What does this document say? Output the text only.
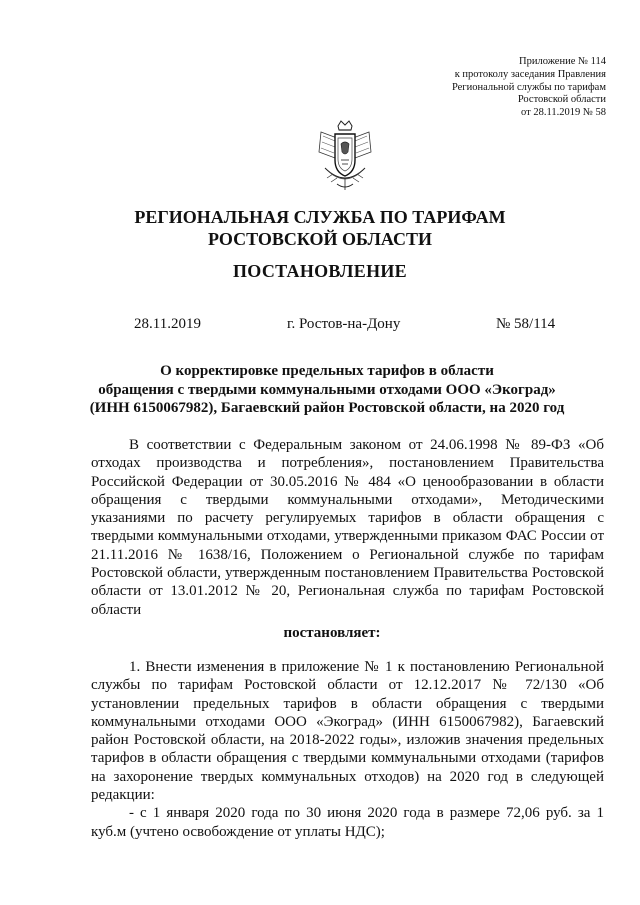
Приложение № 114
к протоколу заседания Правления
Региональной службы по тарифам
Ростовской области
от 28.11.2019 № 58
РЕГИОНАЛЬНАЯ СЛУЖБА ПО ТАРИФАМ
РОСТОВСКОЙ ОБЛАСТИ
ПОСТАНОВЛЕНИЕ
28.11.2019	г. Ростов-на-Дону	№ 58/114
О корректировке предельных тарифов в области
обращения с твердыми коммунальными отходами ООО «Экоград»
(ИНН 6150067982), Багаевский район Ростовской области, на 2020 год

В соответствии с Федеральным законом от 24.06.1998 № 89-ФЗ «Об отходах производства и потребления», постановлением Правительства Российской Федерации от 30.05.2016 № 484 «О ценообразовании в области обращения с твердыми коммунальными отходами», Методическими указаниями по расчету регулируемых тарифов в области обращения с твердыми коммунальными отходами, утвержденными приказом ФАС России от 21.11.2016 № 1638/16, Положением о Региональной службе по тарифам Ростовской области, утвержденным постановлением Правительства Ростовской области от 13.01.2012 № 20, Региональная служба по тарифам Ростовской области

постановляет:

1. Внести изменения в приложение № 1 к постановлению Региональной службы по тарифам Ростовской области от 12.12.2017 № 72/130 «Об установлении предельных тарифов в области обращения с твердыми коммунальными отходами ООО «Экоград» (ИНН 6150067982), Багаевский район Ростовской области, на 2018-2022 годы», изложив значения предельных тарифов в области обращения с твердыми коммунальными отходами (тарифов на захоронение твердых коммунальных отходов) на 2020 год в следующей редакции:

- с 1 января 2020 года по 30 июня 2020 года в размере 72,06 руб. за 1 куб.м (учтено освобождение от уплаты НДС);
